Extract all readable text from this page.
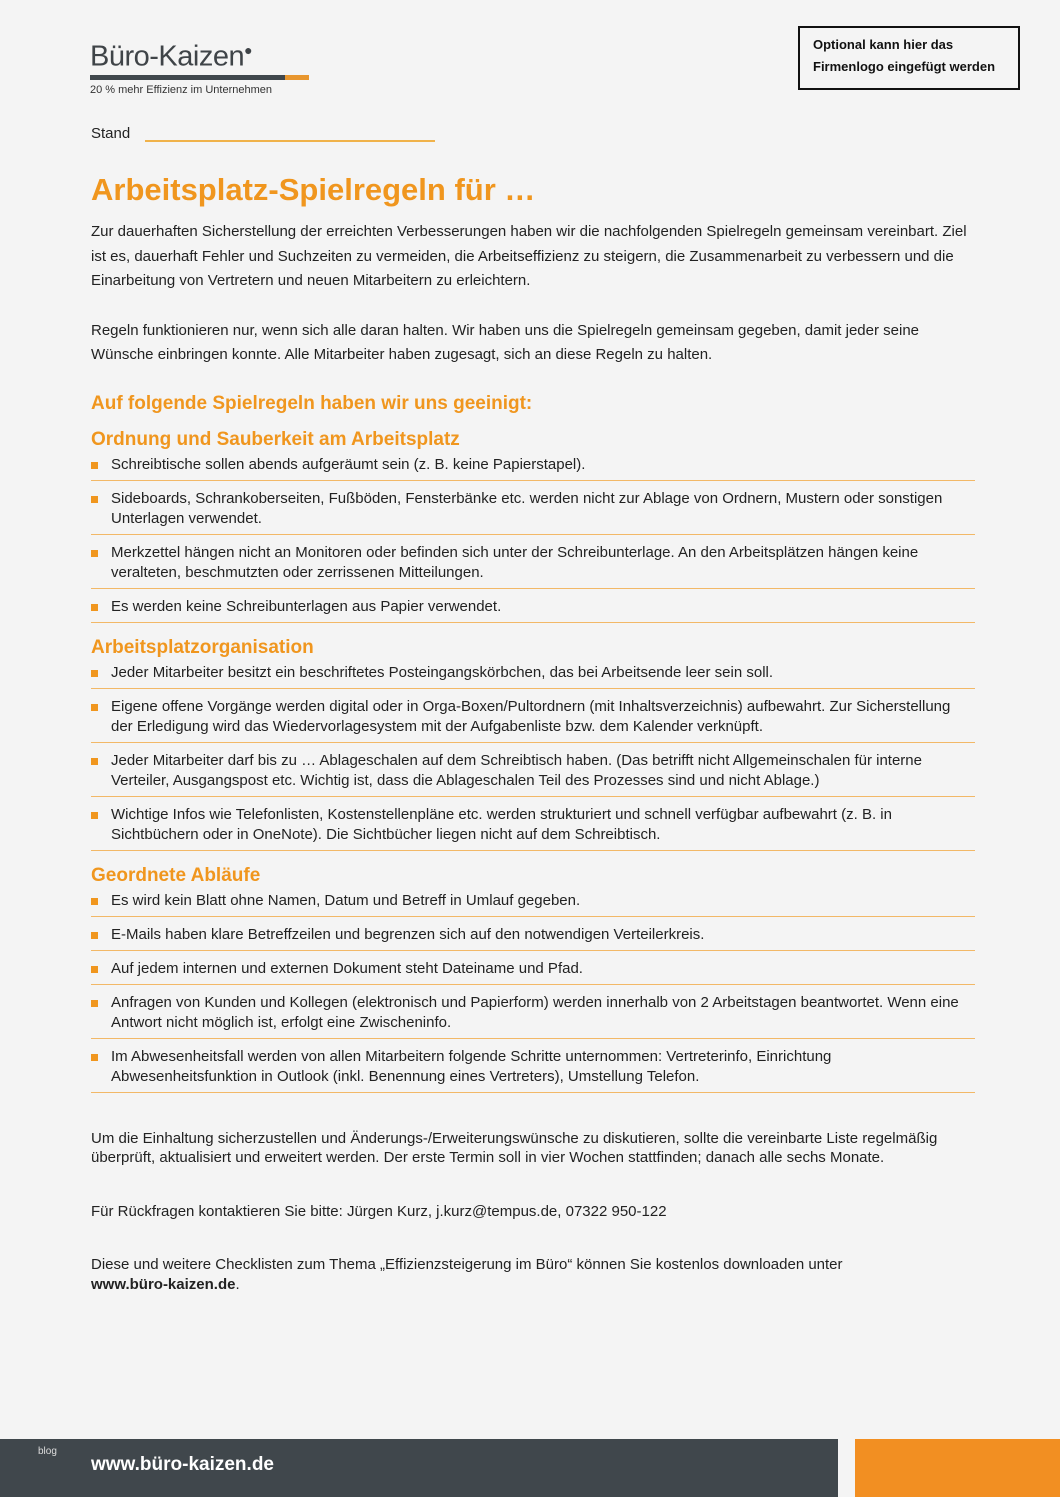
Büro-Kaizen●
20 % mehr Effizienz im Unternehmen
Optional kann hier das
Firmenlogo eingefügt werden
Stand
Arbeitsplatz-Spielregeln für …

Zur dauerhaften Sicherstellung der erreichten Verbesserungen haben wir die nachfolgenden Spielregeln gemeinsam vereinbart. Ziel ist es, dauerhaft Fehler und Suchzeiten zu vermeiden, die Arbeitseffizienz zu steigern, die Zusammenarbeit zu verbessern und die Einarbeitung von Vertretern und neuen Mitarbeitern zu erleichtern.

Regeln funktionieren nur, wenn sich alle daran halten. Wir haben uns die Spielregeln gemeinsam gegeben, damit jeder seine Wünsche einbringen konnte. Alle Mitarbeiter haben zugesagt, sich an diese Regeln zu halten.

Auf folgende Spielregeln haben wir uns geeinigt:
Ordnung und Sauberkeit am Arbeitsplatz
Schreibtische sollen abends aufgeräumt sein (z. B. keine Papierstapel).
Sideboards, Schrankoberseiten, Fußböden, Fensterbänke etc. werden nicht zur Ablage von Ordnern, Mustern oder sonstigen Unterlagen verwendet.
Merkzettel hängen nicht an Monitoren oder befinden sich unter der Schreibunterlage. An den Arbeitsplätzen hängen keine veralteten, beschmutzten oder zerrissenen Mitteilungen.
Es werden keine Schreibunterlagen aus Papier verwendet.
Arbeitsplatzorganisation
Jeder Mitarbeiter besitzt ein beschriftetes Posteingangskörbchen, das bei Arbeitsende leer sein soll.
Eigene offene Vorgänge werden digital oder in Orga-Boxen/Pultordnern (mit Inhaltsverzeichnis) aufbewahrt. Zur Sicherstellung der Erledigung wird das Wiedervorlagesystem mit der Aufgabenliste bzw. dem Kalender verknüpft.
Jeder Mitarbeiter darf bis zu … Ablageschalen auf dem Schreibtisch haben. (Das betrifft nicht Allgemeinschalen für interne Verteiler, Ausgangspost etc. Wichtig ist, dass die Ablageschalen Teil des Prozesses sind und nicht Ablage.)
Wichtige Infos wie Telefonlisten, Kostenstellenpläne etc. werden strukturiert und schnell verfügbar aufbewahrt (z. B. in Sichtbüchern oder in OneNote). Die Sichtbücher liegen nicht auf dem Schreibtisch.
Geordnete Abläufe
Es wird kein Blatt ohne Namen, Datum und Betreff in Umlauf gegeben.
E-Mails haben klare Betreffzeilen und begrenzen sich auf den notwendigen Verteilerkreis.
Auf jedem internen und externen Dokument steht Dateiname und Pfad.
Anfragen von Kunden und Kollegen (elektronisch und Papierform) werden innerhalb von 2 Arbeitstagen beantwortet. Wenn eine Antwort nicht möglich ist, erfolgt eine Zwischeninfo.
Im Abwesenheitsfall werden von allen Mitarbeitern folgende Schritte unternommen: Vertreterinfo, Einrichtung Abwesenheitsfunktion in Outlook (inkl. Benennung eines Vertreters), Umstellung Telefon.

Um die Einhaltung sicherzustellen und Änderungs-/Erweiterungswünsche zu diskutieren, sollte die vereinbarte Liste regelmäßig überprüft, aktualisiert und erweitert werden. Der erste Termin soll in vier Wochen stattfinden; danach alle sechs Monate.

Für Rückfragen kontaktieren Sie bitte: Jürgen Kurz, j.kurz@tempus.de, 07322 950-122

Diese und weitere Checklisten zum Thema „Effizienzsteigerung im Büro“ können Sie kostenlos downloaden unter
www.büro-kaizen.de.

blog
www.büro-kaizen.de
